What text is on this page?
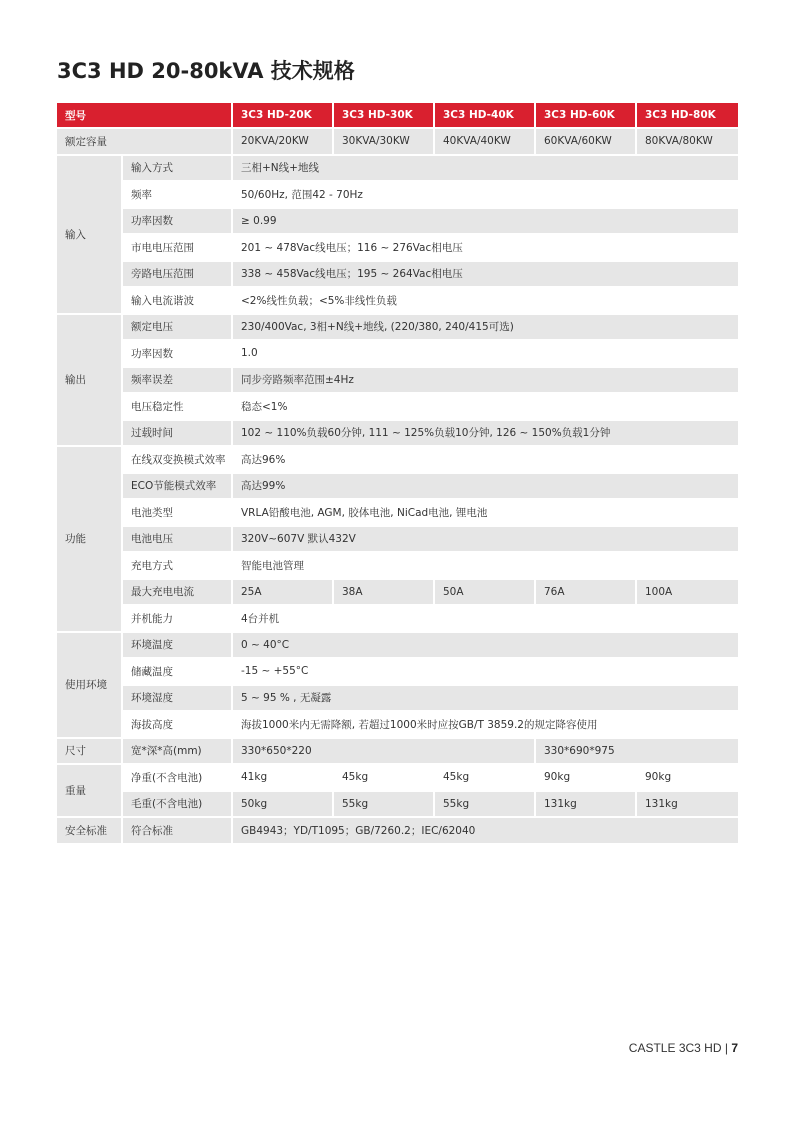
3C3 HD 20-80kVA 技术规格
型号		3C3 HD-20K	3C3 HD-30K	3C3 HD-40K	3C3 HD-60K	3C3 HD-80K
额定容量		20KVA/20KW	30KVA/30KW	40KVA/40KW	60KVA/60KW	80KVA/80KW
输入	输入方式	三相+N线+地线				
	频率	50/60Hz, 范围42 - 70Hz				
	功率因数	≥ 0.99				
	市电电压范围	201 ~ 478Vac线电压；116 ~ 276Vac相电压				
	旁路电压范围	338 ~ 458Vac线电压；195 ~ 264Vac相电压				
	输入电流谐波	<2%线性负载；<5%非线性负载				
输出	额定电压	230/400Vac, 3相+N线+地线, (220/380, 240/415可选)				
	功率因数	1.0				
	频率误差	同步旁路频率范围±4Hz				
	电压稳定性	稳态<1%				
	过载时间	102 ~ 110%负载60分钟, 111 ~ 125%负载10分钟, 126 ~ 150%负载1分钟				
功能	在线双变换模式效率	高达96%				
	ECO节能模式效率	高达99%				
	电池类型	VRLA铅酸电池, AGM, 胶体电池, NiCad电池, 锂电池				
	电池电压	320V~607V 默认432V				
	充电方式	智能电池管理				
	最大充电电流	25A	38A	50A	76A	100A
	并机能力	4台并机				
使用环境	环境温度	0 ~ 40°C				
	储藏温度	-15 ~ +55°C				
	环境湿度	5 ~ 95 % , 无凝露				
	海拔高度	海拔1000米内无需降额, 若超过1000米时应按GB/T 3859.2的规定降容使用				
尺寸	宽*深*高(mm)	330*650*220			330*690*975	
重量	净重(不含电池)	41kg	45kg	45kg	90kg	90kg
	毛重(不含电池)	50kg	55kg	55kg	131kg	131kg
安全标准	符合标准	GB4943；YD/T1095；GB/7260.2；IEC/62040				
CASTLE 3C3 HD | 7
